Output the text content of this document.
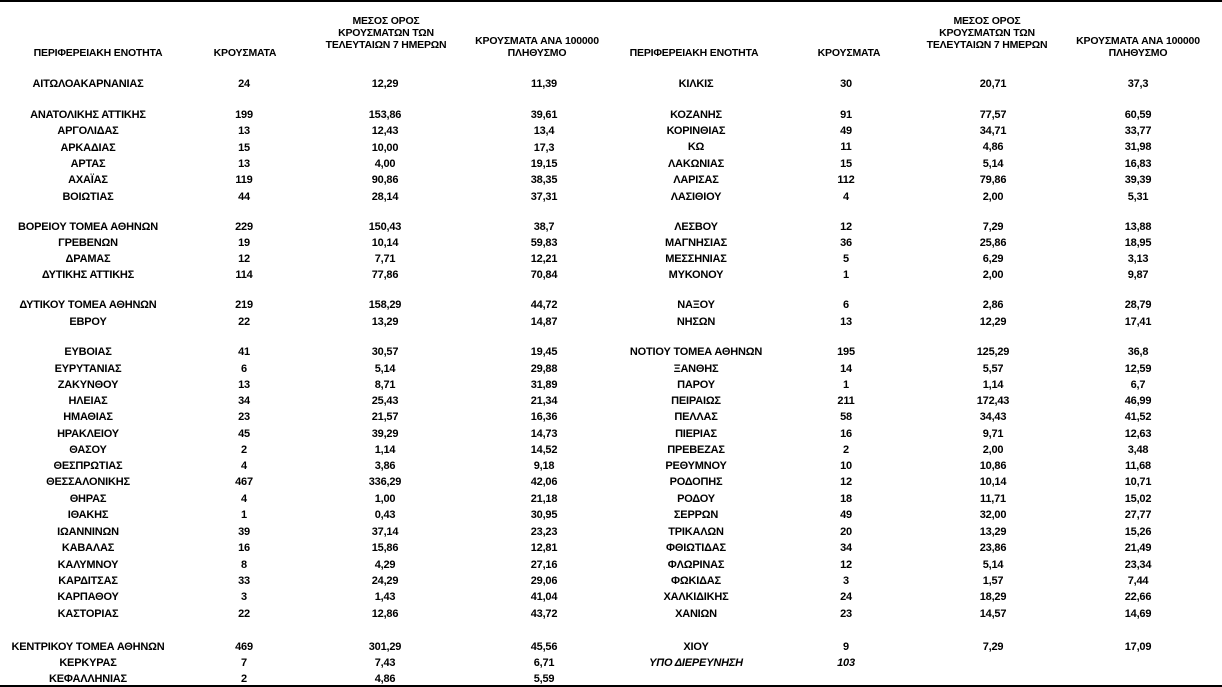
ΠΕΡΙΦΕΡΕΙΑΚΗ ΕΝΟΤΗΤΑ	ΚΡΟΥΣΜΑΤΑ
ΜΕΣΟΣ ΟΡΟΣ
ΚΡΟΥΣΜΑΤΩΝ ΤΩΝ
ΤΕΛΕΥΤΑΙΩΝ 7 ΗΜΕΡΩΝ	ΚΡΟΥΣΜΑΤΑ ΑΝΑ 100000
ΠΛΗΘΥΣΜΟ	ΠΕΡΙΦΕΡΕΙΑΚΗ ΕΝΟΤΗΤΑ	ΚΡΟΥΣΜΑΤΑ
ΜΕΣΟΣ ΟΡΟΣ
ΚΡΟΥΣΜΑΤΩΝ ΤΩΝ
ΤΕΛΕΥΤΑΙΩΝ 7 ΗΜΕΡΩΝ	ΚΡΟΥΣΜΑΤΑ ΑΝΑ 100000
ΠΛΗΘΥΣΜΟ
ΑΙΤΩΛΟΑΚΑΡΝΑΝΙΑΣ	24	12,29	11,39
ΑΝΑΤΟΛΙΚΗΣ ΑΤΤΙΚΗΣ	199	153,86	39,61
ΑΡΓΟΛΙΔΑΣ	13	12,43	13,4
ΑΡΚΑΔΙΑΣ	15	10,00	17,3
ΑΡΤΑΣ	13	4,00	19,15
ΑΧΑΪΑΣ	119	90,86	38,35
ΒΟΙΩΤΙΑΣ	44	28,14	37,31
ΒΟΡΕΙΟΥ ΤΟΜΕΑ ΑΘΗΝΩΝ	229	150,43	38,7
ΓΡΕΒΕΝΩΝ	19	10,14	59,83
ΔΡΑΜΑΣ	12	7,71	12,21
ΔΥΤΙΚΗΣ ΑΤΤΙΚΗΣ	114	77,86	70,84
ΔΥΤΙΚΟΥ ΤΟΜΕΑ ΑΘΗΝΩΝ	219	158,29	44,72
ΕΒΡΟΥ	22	13,29	14,87
ΕΥΒΟΙΑΣ	41	30,57	19,45
ΕΥΡΥΤΑΝΙΑΣ	6	5,14	29,88
ΖΑΚΥΝΘΟΥ	13	8,71	31,89
ΗΛΕΙΑΣ	34	25,43	21,34
ΗΜΑΘΙΑΣ	23	21,57	16,36
ΗΡΑΚΛΕΙΟΥ	45	39,29	14,73
ΘΑΣΟΥ	2	1,14	14,52
ΘΕΣΠΡΩΤΙΑΣ	4	3,86	9,18
ΘΕΣΣΑΛΟΝΙΚΗΣ	467	336,29	42,06
ΘΗΡΑΣ	4	1,00	21,18
ΙΘΑΚΗΣ	1	0,43	30,95
ΙΩΑΝΝΙΝΩΝ	39	37,14	23,23
ΚΑΒΑΛΑΣ	16	15,86	12,81
ΚΑΛΥΜΝΟΥ	8	4,29	27,16
ΚΑΡΔΙΤΣΑΣ	33	24,29	29,06
ΚΑΡΠΑΘΟΥ	3	1,43	41,04
ΚΑΣΤΟΡΙΑΣ	22	12,86	43,72
ΚΕΝΤΡΙΚΟΥ ΤΟΜΕΑ ΑΘΗΝΩΝ	469	301,29	45,56
ΚΕΡΚΥΡΑΣ	7	7,43	6,71
ΚΕΦΑΛΛΗΝΙΑΣ	2	4,86	5,59
ΚΙΛΚΙΣ	30	20,71	37,3
ΚΟΖΑΝΗΣ	91	77,57	60,59
ΚΟΡΙΝΘΙΑΣ	49	34,71	33,77
ΚΩ	11	4,86	31,98
ΛΑΚΩΝΙΑΣ	15	5,14	16,83
ΛΑΡΙΣΑΣ	112	79,86	39,39
ΛΑΣΙΘΙΟΥ	4	2,00	5,31
ΛΕΣΒΟΥ	12	7,29	13,88
ΜΑΓΝΗΣΙΑΣ	36	25,86	18,95
ΜΕΣΣΗΝΙΑΣ	5	6,29	3,13
ΜΥΚΟΝΟΥ	1	2,00	9,87
ΝΑΞΟΥ	6	2,86	28,79
ΝΗΣΩΝ	13	12,29	17,41
ΝΟΤΙΟΥ ΤΟΜΕΑ ΑΘΗΝΩΝ	195	125,29	36,8
ΞΑΝΘΗΣ	14	5,57	12,59
ΠΑΡΟΥ	1	1,14	6,7
ΠΕΙΡΑΙΩΣ	211	172,43	46,99
ΠΕΛΛΑΣ	58	34,43	41,52
ΠΙΕΡΙΑΣ	16	9,71	12,63
ΠΡΕΒΕΖΑΣ	2	2,00	3,48
ΡΕΘΥΜΝΟΥ	10	10,86	11,68
ΡΟΔΟΠΗΣ	12	10,14	10,71
ΡΟΔΟΥ	18	11,71	15,02
ΣΕΡΡΩΝ	49	32,00	27,77
ΤΡΙΚΑΛΩΝ	20	13,29	15,26
ΦΘΙΩΤΙΔΑΣ	34	23,86	21,49
ΦΛΩΡΙΝΑΣ	12	5,14	23,34
ΦΩΚΙΔΑΣ	3	1,57	7,44
ΧΑΛΚΙΔΙΚΗΣ	24	18,29	22,66
ΧΑΝΙΩΝ	23	14,57	14,69
ΧΙΟΥ	9	7,29	17,09
ΥΠΟ ΔΙΕΡΕΥΝΗΣΗ	103
